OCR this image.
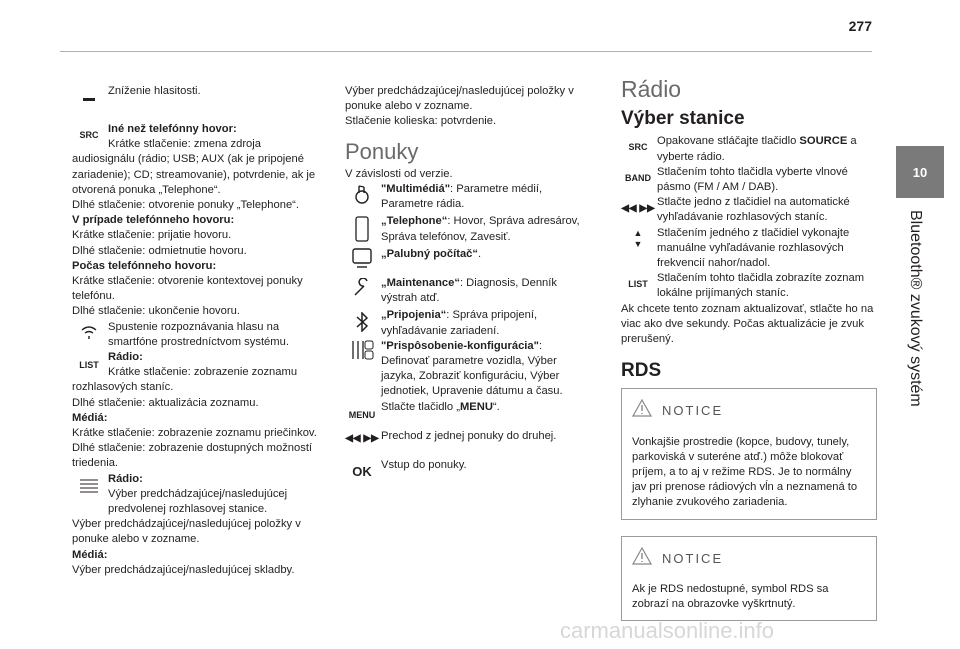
277
10
Bluetooth® zvukový systém
Zníženie hlasitosti.
SRC Iné než telefónny hovor:
Krátke stlačenie: zmena zdroja audiosignálu (rádio; USB; AUX (ak je pripojené zariadenie); CD; streamovanie), potvrdenie, ak je otvorená ponuka „Telephone“.
Dlhé stlačenie: otvorenie ponuky „Telephone“.
V prípade telefónneho hovoru:
Krátke stlačenie: prijatie hovoru.
Dlhé stlačenie: odmietnutie hovoru.
Počas telefónneho hovoru:
Krátke stlačenie: otvorenie kontextovej ponuky telefónu.
Dlhé stlačenie: ukončenie hovoru.
Spustenie rozpoznávania hlasu na smartfóne prostredníctvom systému.
LIST
Rádio:
Krátke stlačenie: zobrazenie zoznamu rozhlasových staníc.
Dlhé stlačenie: aktualizácia zoznamu.
Médiá:
Krátke stlačenie: zobrazenie zoznamu priečinkov.
Dlhé stlačenie: zobrazenie dostupných možností triedenia.
Rádio:
Výber predchádzajúcej/nasledujúcej predvolenej rozhlasovej stanice.
Výber predchádzajúcej/nasledujúcej položky v ponuke alebo v zozname.
Médiá:
Výber predchádzajúcej/nasledujúcej skladby.
Výber predchádzajúcej/nasledujúcej položky v ponuke alebo v zozname.
Stlačenie kolieska: potvrdenie.
Ponuky
V závislosti od verzie.
"Multimédiá": Parametre médií, Parametre rádia.
„Telephone“: Hovor, Správa adresárov, Správa telefónov, Zavesiť.
„Palubný počítač“.
„Maintenance“: Diagnosis, Denník výstrah atď.
„Pripojenia“: Správa pripojení, vyhľadávanie zariadení.
"Prispôsobenie-konfigurácia": Definovať parametre vozidla, Výber jazyka, Zobraziť konfiguráciu, Výber jednotiek, Upravenie dátumu a času.
MENU
Stlačte tlačidlo „MENU“.
◀◀ ▶▶ Prechod z jednej ponuky do druhej.
OK Vstup do ponuky.
Rádio
Výber stanice
SRC Opakovane stláčajte tlačidlo SOURCE a vyberte rádio.
BAND Stlačením tohto tlačidla vyberte vlnové pásmo (FM / AM / DAB).
◀◀ ▶▶
Stlačte jedno z tlačidiel na automatické vyhľadávanie rozhlasových staníc.
▲
▼
Stlačením jedného z tlačidiel vykonajte manuálne vyhľadávanie rozhlasových frekvencií nahor/nadol.
LIST Stlačením tohto tlačidla zobrazíte zoznam lokálne prijímaných staníc.
Ak chcete tento zoznam aktualizovať, stlačte ho na viac ako dve sekundy. Počas aktualizácie je zvuk prerušený.
RDS
NOTICE
Vonkajšie prostredie (kopce, budovy, tunely, parkoviská v suteréne atď.) môže blokovať príjem, a to aj v režime RDS. Je to normálny jav pri prenose rádiových vĺn a neznamená to zlyhanie zvukového zariadenia.
NOTICE
Ak je RDS nedostupné, symbol RDS sa zobrazí na obrazovke vyškrtnutý.
carmanualsonline.info
